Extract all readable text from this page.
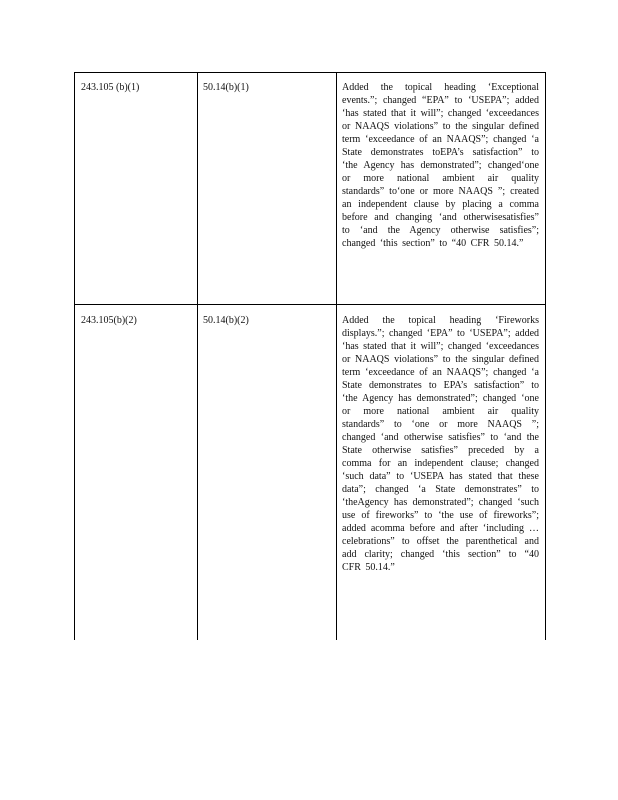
243.105 (b)(1)	50.14(b)(1)	Added the topical heading ‘Exceptional events.”; changed “EPA” to ‘USEPA”; added ‘has stated that it will”; changed ‘exceedances or NAAQS violations” to the singular defined term ‘exceedance of an NAAQS”; changed ‘a State demonstrates toEPA’s satisfaction” to ‘the Agency has demonstrated”; changed‘one or more national ambient air quality standards” to‘one or more NAAQS ”; created an independent clause by placing a comma before and changing ‘and otherwisesatisfies” to ‘and the Agency otherwise satisfies”; changed ‘this section” to “40 CFR 50.14.”
243.105(b)(2)	50.14(b)(2)	Added the topical heading ‘Fireworks displays.”; changed ‘EPA” to ‘USEPA”; added ‘has stated that it will”; changed ‘exceedances or NAAQS violations” to the singular defined term ‘exceedance of an NAAQS”; changed ‘a State demonstrates to EPA’s satisfaction” to ‘the Agency has demonstrated”; changed ‘one or more national ambient air quality standards” to ‘one or more NAAQS ”; changed ‘and otherwise satisfies” to ‘and the State otherwise satisfies” preceded by a comma for an independent clause; changed ‘such data” to ‘USEPA has stated that these data”; changed ‘a State demonstrates” to ‘theAgency has demonstrated”; changed ‘such use of fireworks” to ‘the use of fireworks”; added acomma before and after ‘including … celebrations” to offset the parenthetical and add clarity; changed ‘this section” to “40 CFR 50.14.”
